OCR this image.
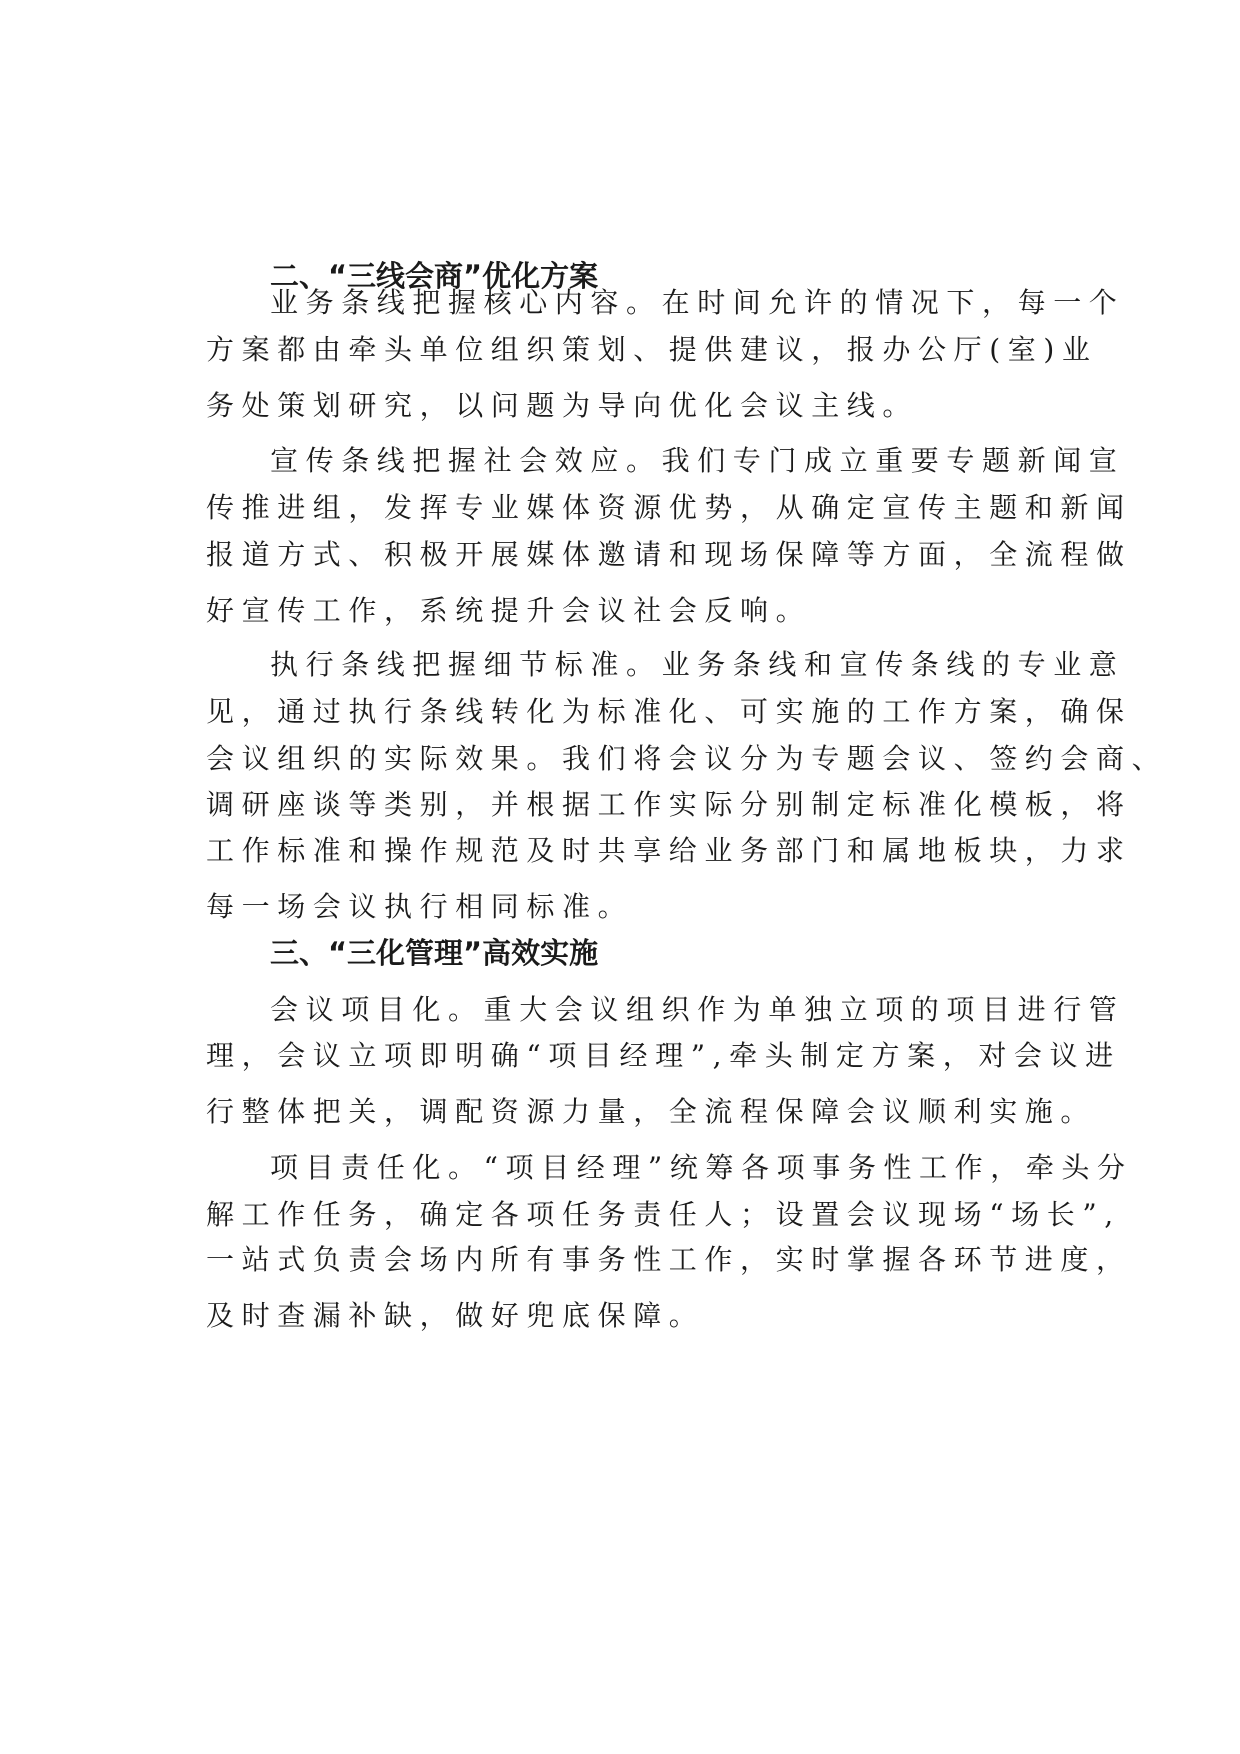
二、“三线会商”优化方案
业务条线把握核心内容。在时间允许的情况下，每一个
方案都由牵头单位组织策划、提供建议，报办公厅(室)业
务处策划研究，以问题为导向优化会议主线。
宣传条线把握社会效应。我们专门成立重要专题新闻宣
传推进组，发挥专业媒体资源优势，从确定宣传主题和新闻
报道方式、积极开展媒体邀请和现场保障等方面，全流程做
好宣传工作，系统提升会议社会反响。
执行条线把握细节标准。业务条线和宣传条线的专业意
见，通过执行条线转化为标准化、可实施的工作方案，确保
会议组织的实际效果。我们将会议分为专题会议、签约会商、
调研座谈等类别，并根据工作实际分别制定标准化模板，将
工作标准和操作规范及时共享给业务部门和属地板块，力求
每一场会议执行相同标准。
三、“三化管理”高效实施
会议项目化。重大会议组织作为单独立项的项目进行管
理，会议立项即明确“项目经理”,牵头制定方案，对会议进
行整体把关，调配资源力量，全流程保障会议顺利实施。
项目责任化。“项目经理”统筹各项事务性工作，牵头分
解工作任务，确定各项任务责任人；设置会议现场“场长”,
一站式负责会场内所有事务性工作，实时掌握各环节进度，
及时查漏补缺，做好兜底保障。
